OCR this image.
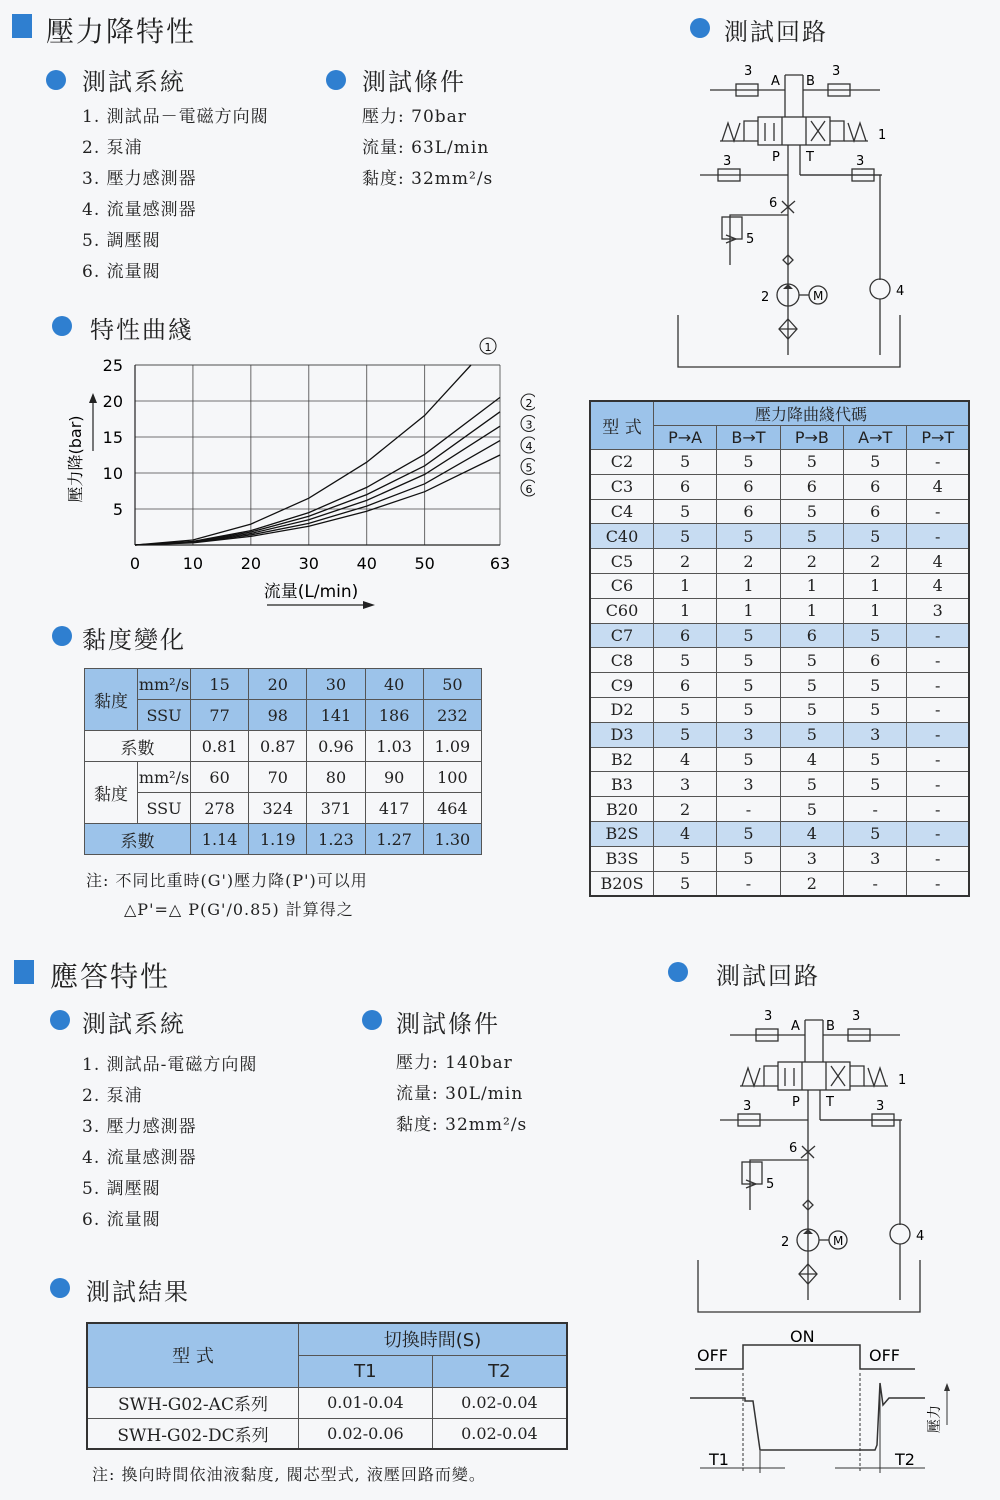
壓力降特性
測試系統
1. 測試品－電磁方向閥
2. 泵浦
3. 壓力感測器
4. 流量感測器
5. 調壓閥
6. 流量閥
測試條件
壓力: 70bar
流量: 63L/min
黏度: 32mm²/s
測試回路
3
A B
3
1
3	P T	3
6
5
2	M	4
特性曲綫
0	10 20 30 40 50	63
5
10
15
20
25
1
2
3
4
5
6
壓力降(bar)
流量(L/min)
黏度變化
黏度	mm²/s	15	20	30	40	50
	SSU	77	98	141	186	232
系數		0.81	0.87	0.96	1.03	1.09
黏度	mm²/s	60	70	80	90	100
	SSU	278	324	371	417	464
系數		1.14	1.19	1.23	1.27	1.30
注: 不同比重時(G')壓力降(P')可以用
△P'=△ P(G'/0.85) 計算得之
型 式	壓力降曲綫代碼				
	P→A	B→T	P→B	A→T	P→T
C2	5	5	5	5	-
C3	6	6	6	6	4
C4	5	6	5	6	-
C40	5	5	5	5	-
C5	2	2	2	2	4
C6	1	1	1	1	4
C60	1	1	1	1	3
C7	6	5	6	5	-
C8	5	5	5	6	-
C9	6	5	5	5	-
D2	5	5	5	5	-
D3	5	3	5	3	-
B2	4	5	4	5	-
B3	3	3	5	5	-
B20	2	-	5	-	-
B2S	4	5	4	5	-
B3S	5	5	3	3	-
B20S	5	-	2	-	-
應答特性
測試系統
1. 測試品-電磁方向閥
2. 泵浦
3. 壓力感測器
4. 流量感測器
5. 調壓閥
6. 流量閥
測試條件
壓力: 140bar
流量: 30L/min
黏度: 32mm²/s
測試回路
3
A B
3
1
3	P T	3
6
5
2	M	4
測試結果
型 式	切換時間(S)	
	T1	T2
SWH-G02-AC系列	0.01-0.04	0.02-0.04
SWH-G02-DC系列	0.02-0.06	0.02-0.04
注: 換向時間依油液黏度, 閥芯型式, 液壓回路而變。
OFF
ON
OFF
T1	T2
壓力
